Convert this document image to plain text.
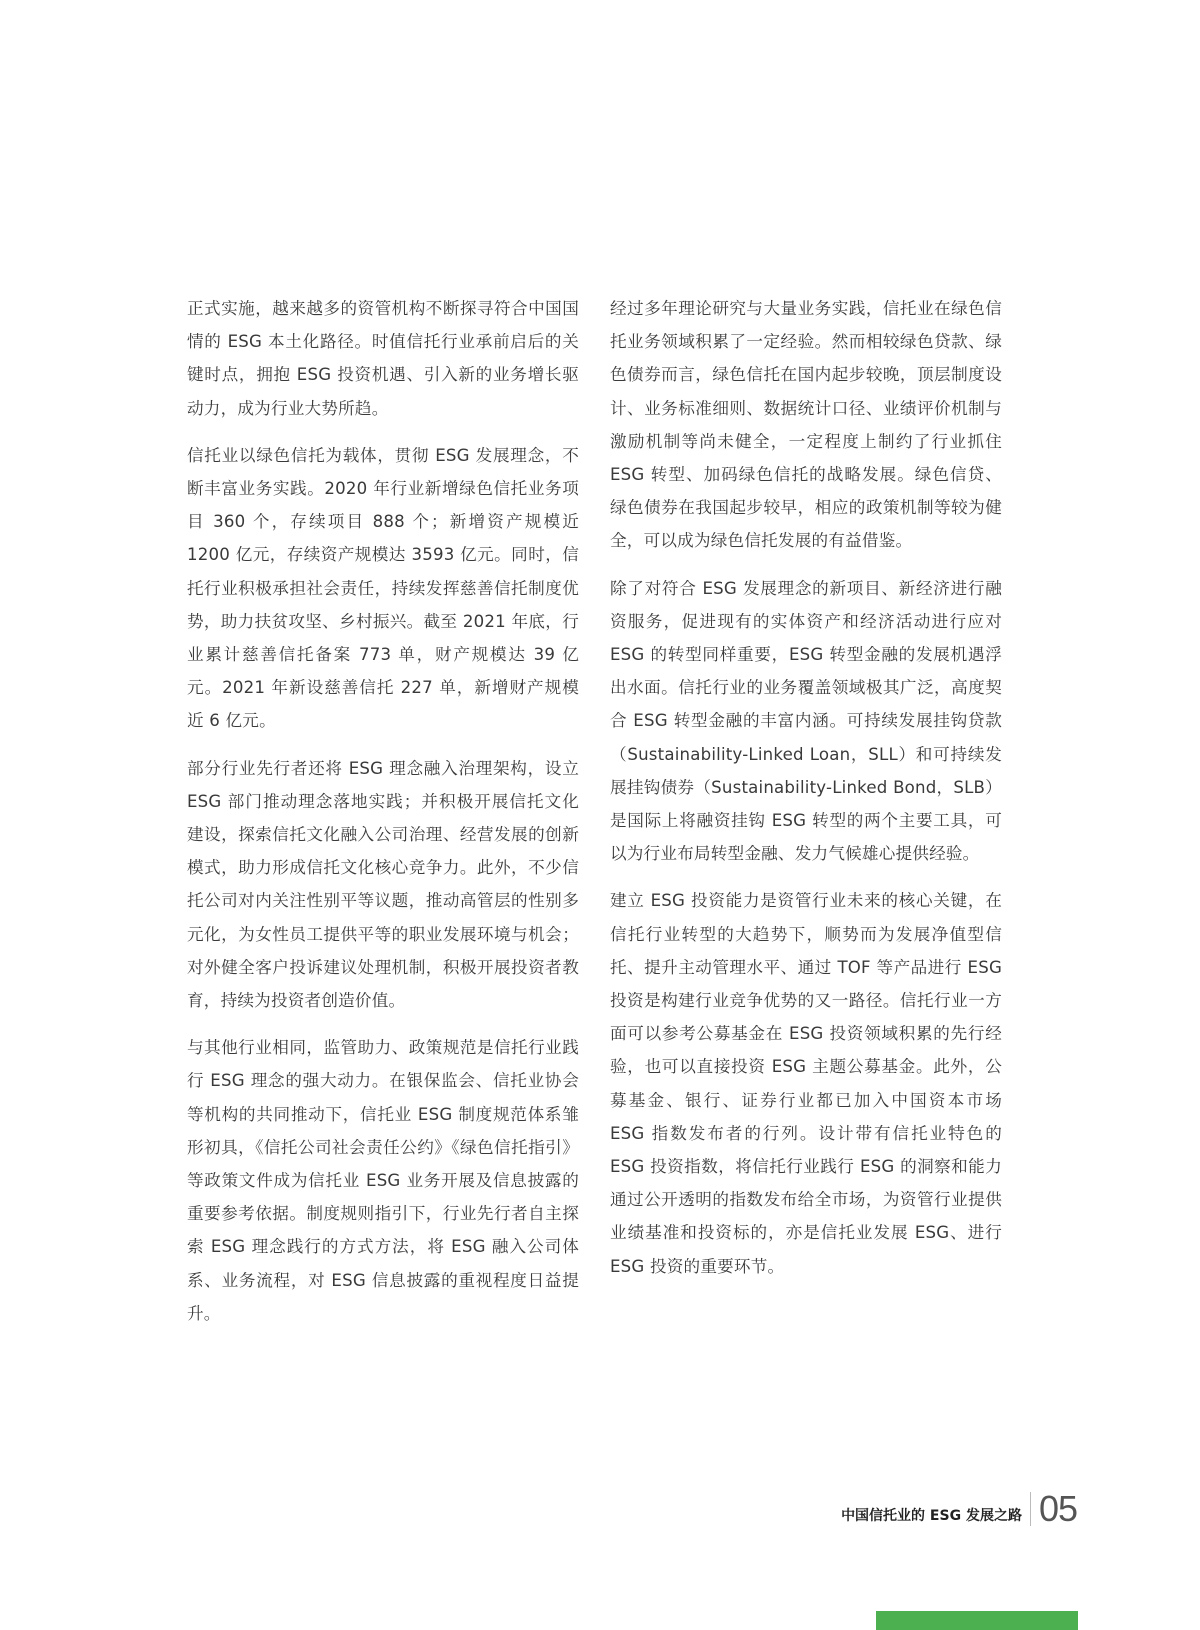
正式实施，越来越多的资管机构不断探寻符合中国国情的 ESG 本土化路径。时值信托行业承前启后的关键时点，拥抱 ESG 投资机遇、引入新的业务增长驱动力，成为行业大势所趋。

信托业以绿色信托为载体，贯彻 ESG 发展理念，不断丰富业务实践。2020 年行业新增绿色信托业务项目 360 个，存续项目 888 个；新增资产规模近 1200 亿元，存续资产规模达 3593 亿元。同时，信托行业积极承担社会责任，持续发挥慈善信托制度优势，助力扶贫攻坚、乡村振兴。截至 2021 年底，行业累计慈善信托备案 773 单，财产规模达 39 亿元。2021 年新设慈善信托 227 单，新增财产规模近 6 亿元。

部分行业先行者还将 ESG 理念融入治理架构，设立 ESG 部门推动理念落地实践；并积极开展信托文化建设，探索信托文化融入公司治理、经营发展的创新模式，助力形成信托文化核心竞争力。此外，不少信托公司对内关注性别平等议题，推动高管层的性别多元化，为女性员工提供平等的职业发展环境与机会；对外健全客户投诉建议处理机制，积极开展投资者教育，持续为投资者创造价值。

与其他行业相同，监管助力、政策规范是信托行业践行 ESG 理念的强大动力。在银保监会、信托业协会等机构的共同推动下，信托业 ESG 制度规范体系雏形初具，《信托公司社会责任公约》《绿色信托指引》等政策文件成为信托业 ESG 业务开展及信息披露的重要参考依据。制度规则指引下，行业先行者自主探索 ESG 理念践行的方式方法，将 ESG 融入公司体系、业务流程，对 ESG 信息披露的重视程度日益提升。

经过多年理论研究与大量业务实践，信托业在绿色信托业务领域积累了一定经验。然而相较绿色贷款、绿色债券而言，绿色信托在国内起步较晚，顶层制度设计、业务标准细则、数据统计口径、业绩评价机制与激励机制等尚未健全，一定程度上制约了行业抓住 ESG 转型、加码绿色信托的战略发展。绿色信贷、绿色债券在我国起步较早，相应的政策机制等较为健全，可以成为绿色信托发展的有益借鉴。

除了对符合 ESG 发展理念的新项目、新经济进行融资服务，促进现有的实体资产和经济活动进行应对 ESG 的转型同样重要，ESG 转型金融的发展机遇浮出水面。信托行业的业务覆盖领域极其广泛，高度契合 ESG 转型金融的丰富内涵。可持续发展挂钩贷款（Sustainability-Linked Loan，SLL）和可持续发展挂钩债券（Sustainability-Linked Bond，SLB）是国际上将融资挂钩 ESG 转型的两个主要工具，可以为行业布局转型金融、发力气候雄心提供经验。

建立 ESG 投资能力是资管行业未来的核心关键，在信托行业转型的大趋势下，顺势而为发展净值型信托、提升主动管理水平、通过 TOF 等产品进行 ESG 投资是构建行业竞争优势的又一路径。信托行业一方面可以参考公募基金在 ESG 投资领域积累的先行经验，也可以直接投资 ESG 主题公募基金。此外，公募基金、银行、证券行业都已加入中国资本市场 ESG 指数发布者的行列。设计带有信托业特色的 ESG 投资指数，将信托行业践行 ESG 的洞察和能力通过公开透明的指数发布给全市场，为资管行业提供业绩基准和投资标的，亦是信托业发展 ESG、进行 ESG 投资的重要环节。

中国信托业的 ESG 发展之路 05
